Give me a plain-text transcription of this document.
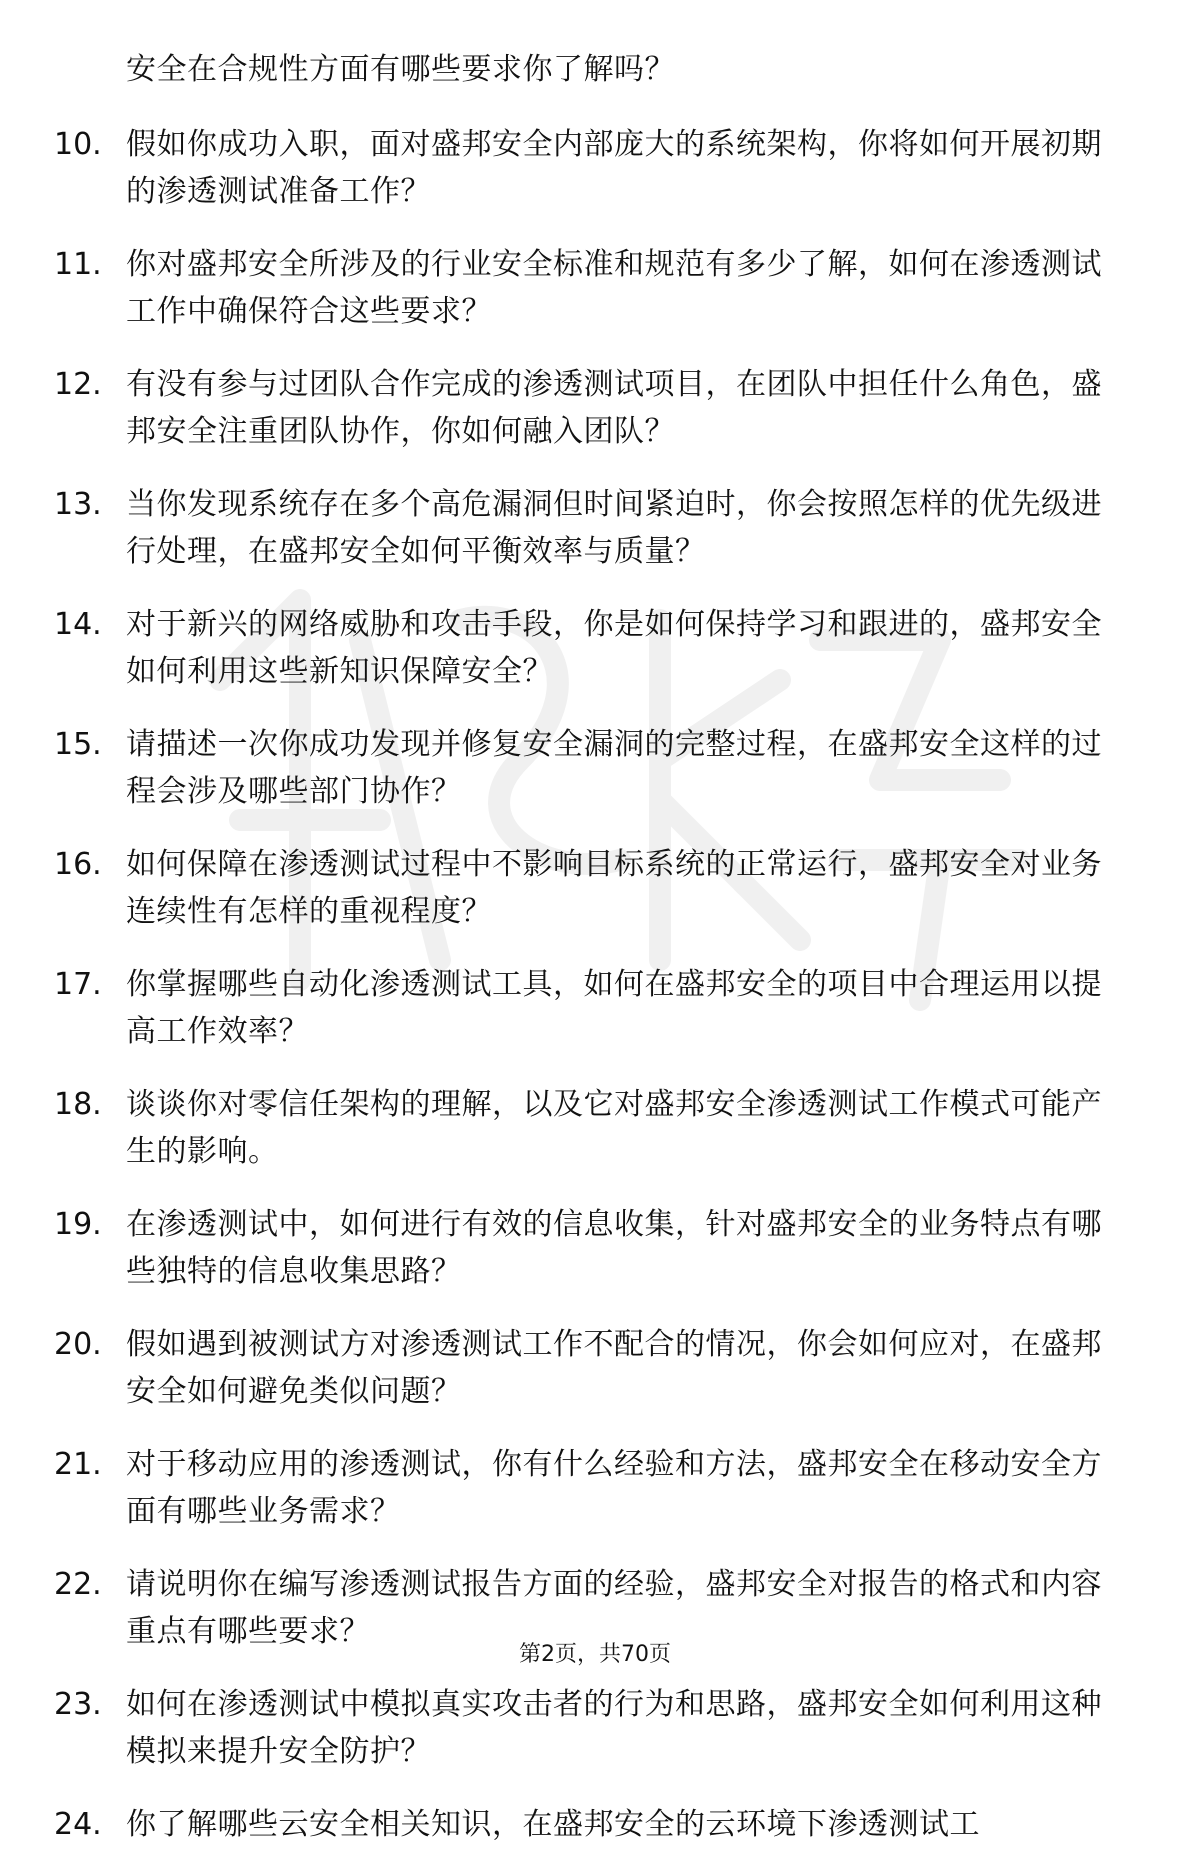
安全在合规性方面有哪些要求你了解吗？
10. 假如你成功入职，面对盛邦安全内部庞大的系统架构，你将如何开展初期的渗透测试准备工作？
11. 你对盛邦安全所涉及的行业安全标准和规范有多少了解，如何在渗透测试工作中确保符合这些要求？
12. 有没有参与过团队合作完成的渗透测试项目，在团队中担任什么角色，盛邦安全注重团队协作，你如何融入团队？
13. 当你发现系统存在多个高危漏洞但时间紧迫时，你会按照怎样的优先级进行处理，在盛邦安全如何平衡效率与质量？
14. 对于新兴的网络威胁和攻击手段，你是如何保持学习和跟进的，盛邦安全如何利用这些新知识保障安全？
15. 请描述一次你成功发现并修复安全漏洞的完整过程，在盛邦安全这样的过程会涉及哪些部门协作？
16. 如何保障在渗透测试过程中不影响目标系统的正常运行，盛邦安全对业务连续性有怎样的重视程度？
17. 你掌握哪些自动化渗透测试工具，如何在盛邦安全的项目中合理运用以提高工作效率？
18. 谈谈你对零信任架构的理解，以及它对盛邦安全渗透测试工作模式可能产生的影响。
19. 在渗透测试中，如何进行有效的信息收集，针对盛邦安全的业务特点有哪些独特的信息收集思路？
20. 假如遇到被测试方对渗透测试工作不配合的情况，你会如何应对，在盛邦安全如何避免类似问题？
21. 对于移动应用的渗透测试，你有什么经验和方法，盛邦安全在移动安全方面有哪些业务需求？
22. 请说明你在编写渗透测试报告方面的经验，盛邦安全对报告的格式和内容重点有哪些要求？
23. 如何在渗透测试中模拟真实攻击者的行为和思路，盛邦安全如何利用这种模拟来提升安全防护？
24. 你了解哪些云安全相关知识，在盛邦安全的云环境下渗透测试工
第2页，共70页
